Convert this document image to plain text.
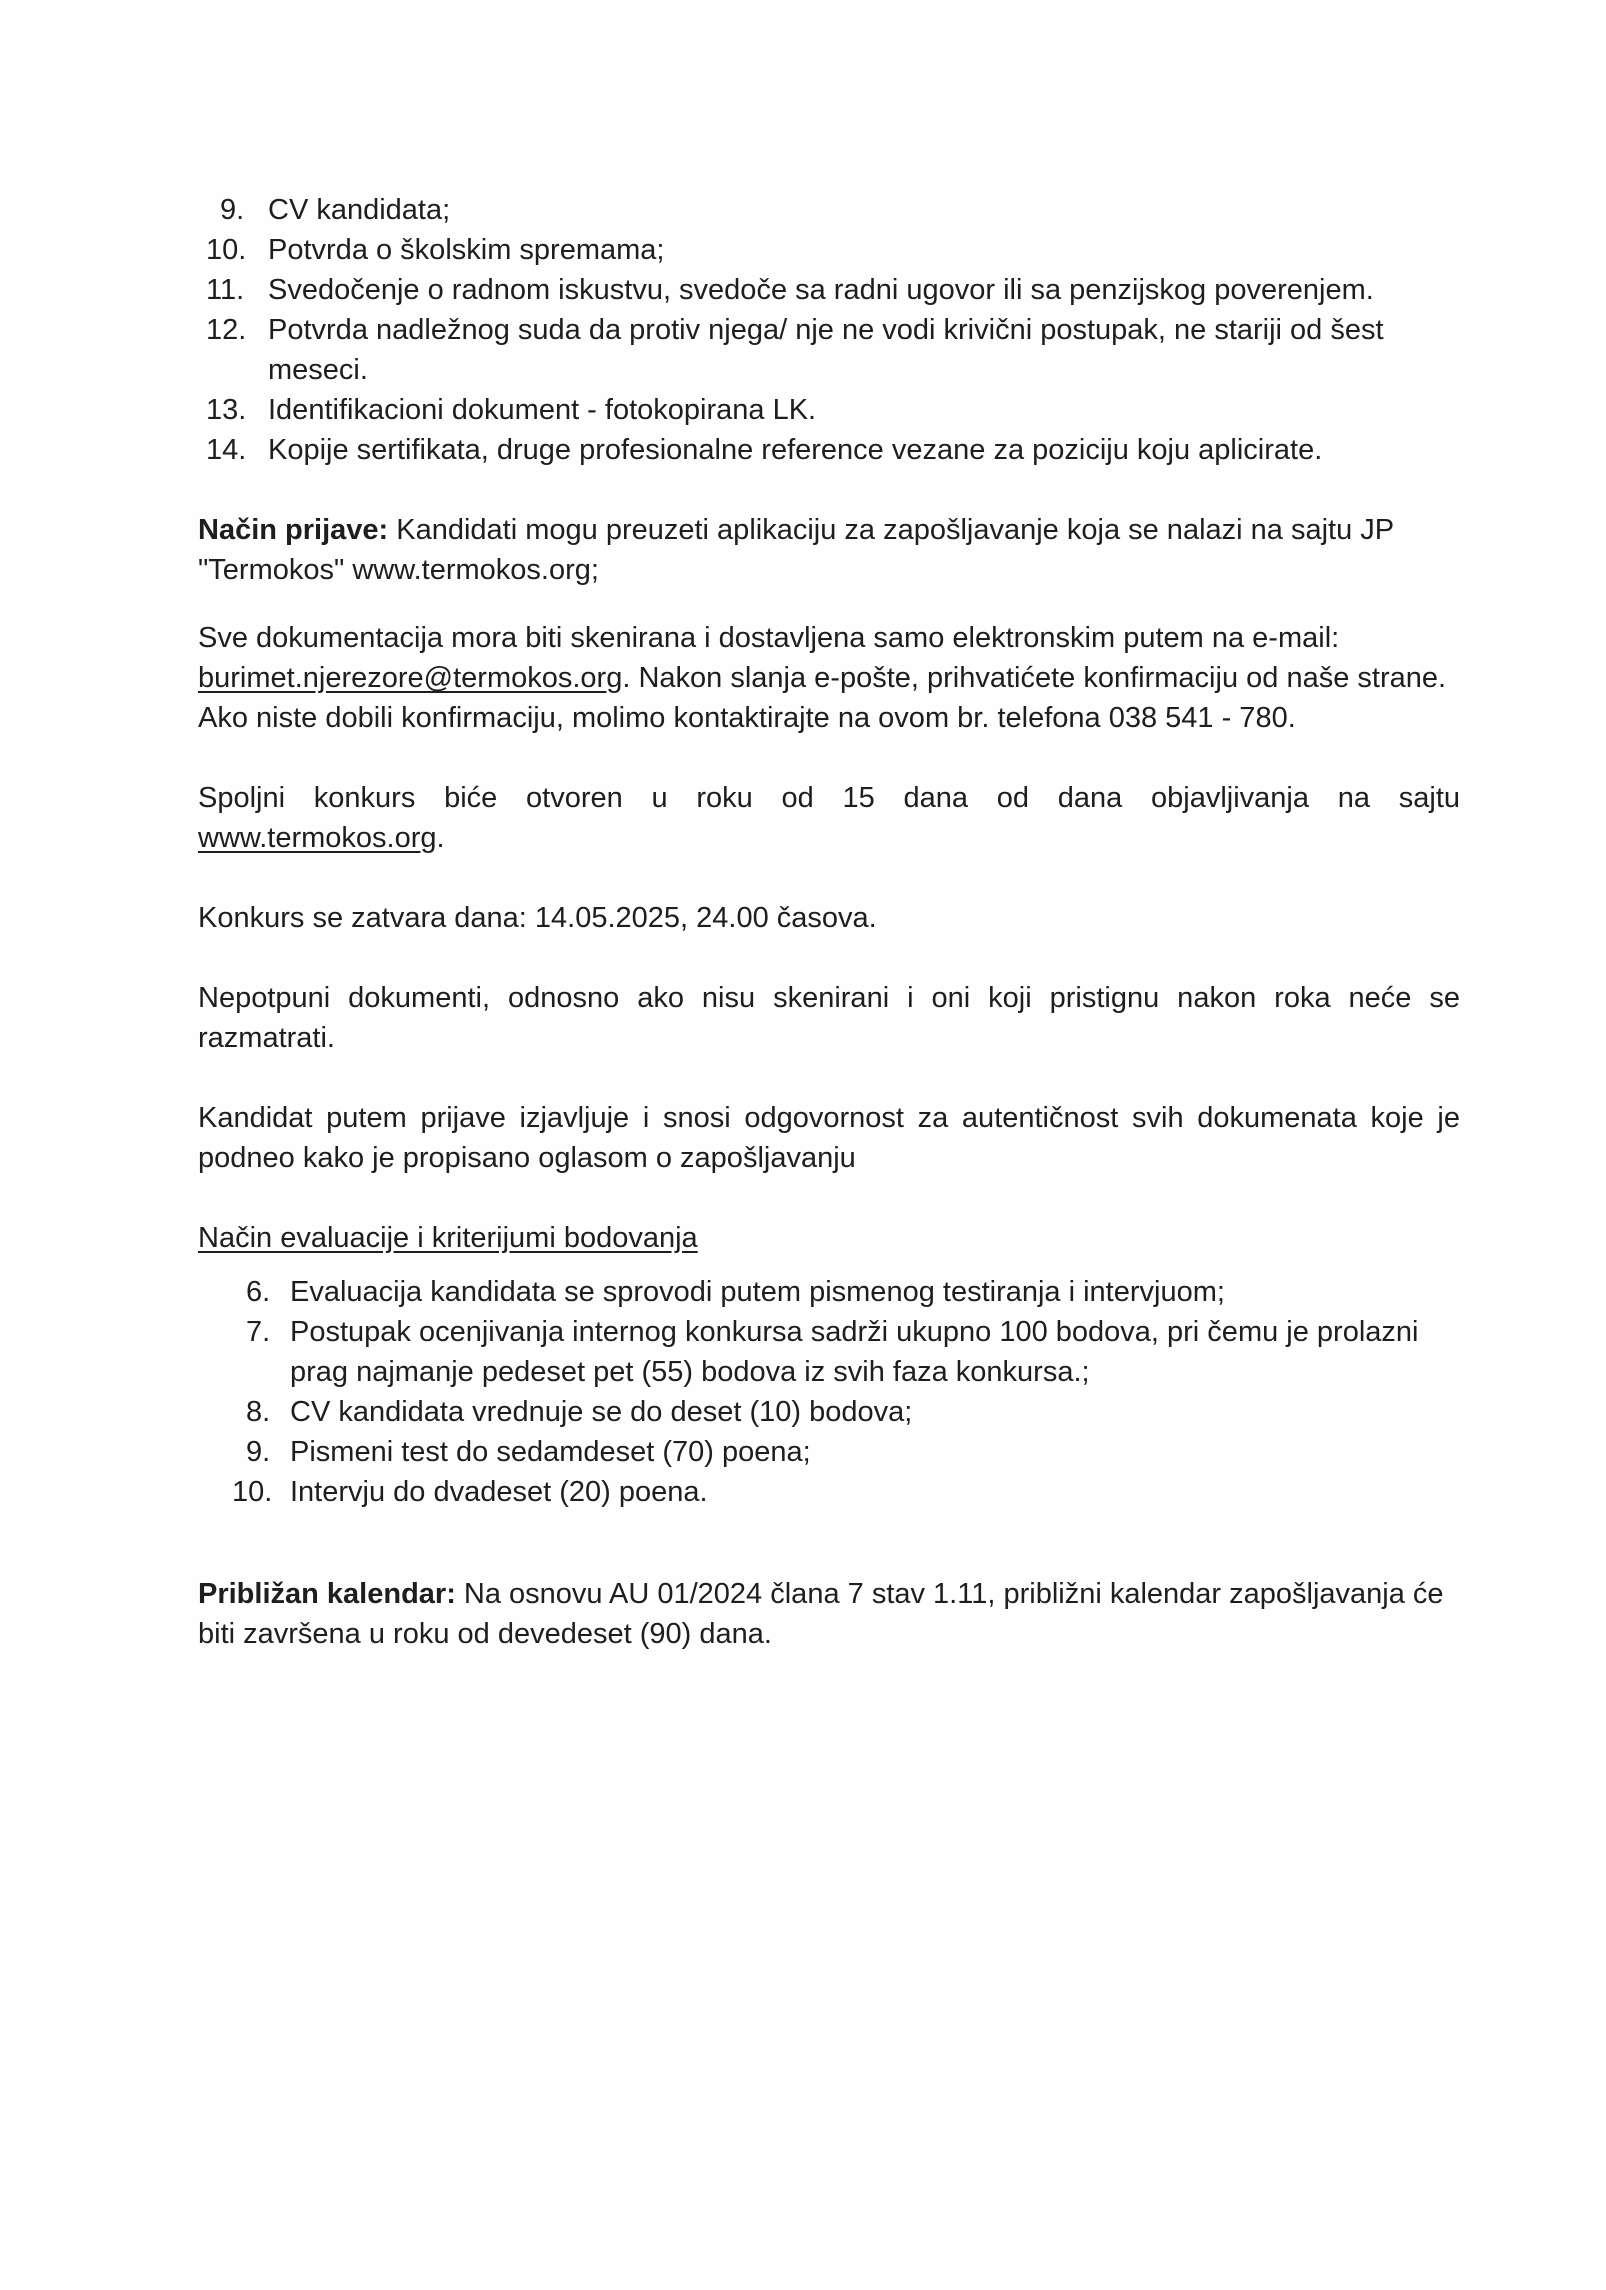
9. CV kandidata;
10. Potvrda o školskim spremama;
11. Svedočenje o radnom iskustvu, svedoče sa radni ugovor ili sa penzijskog poverenjem.
12. Potvrda nadležnog suda da protiv njega/ nje ne vodi krivični postupak, ne stariji od šest meseci.
13. Identifikacioni dokument - fotokopirana LK.
14. Kopije sertifikata, druge profesionalne reference vezane za poziciju koju aplicirate.

Način prijave: Kandidati mogu preuzeti aplikaciju za zapošljavanje koja se nalazi na sajtu JP "Termokos" www.termokos.org;

Sve dokumentacija mora biti skenirana i dostavljena samo elektronskim putem na e-mail: burimet.njerezore@termokos.org. Nakon slanja e-pošte, prihvatićete konfirmaciju od naše strane. Ako niste dobili konfirmaciju, molimo kontaktirajte na ovom br. telefona 038 541 - 780.

Spoljni konkurs biće otvoren u roku od 15 dana od dana objavljivanja na sajtu

www.termokos.org.

Konkurs se zatvara dana: 14.05.2025, 24.00 časova.

Nepotpuni dokumenti, odnosno ako nisu skenirani i oni koji pristignu nakon roka neće se razmatrati.

Kandidat putem prijave izjavljuje i snosi odgovornost za autentičnost svih dokumenata koje je podneo kako je propisano oglasom o zapošljavanju

Način evaluacije i kriterijumi bodovanja

6. Evaluacija kandidata se sprovodi putem pismenog testiranja i intervjuom;
7. Postupak ocenjivanja internog konkursa sadrži ukupno 100 bodova, pri čemu je prolazni prag najmanje pedeset pet (55) bodova iz svih faza konkursa.;
8. CV kandidata vrednuje se do deset (10) bodova;
9. Pismeni test do sedamdeset (70) poena;
10. Intervju do dvadeset (20) poena.

Približan kalendar: Na osnovu AU 01/2024 člana 7 stav 1.11, približni kalendar zapošljavanja će biti završena u roku od devedeset (90) dana.
